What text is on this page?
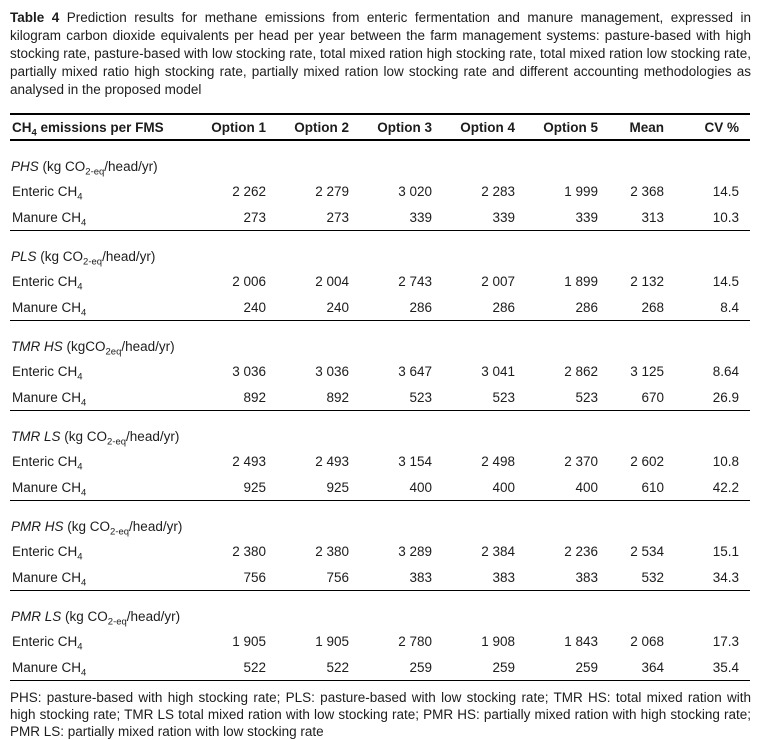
Table 4 Prediction results for methane emissions from enteric fermentation and manure management, expressed in kilogram carbon dioxide equivalents per head per year between the farm management systems: pasture-based with high stocking rate, pasture-based with low stocking rate, total mixed ration high stocking rate, total mixed ration low stocking rate, partially mixed ratio high stocking rate, partially mixed ration low stocking rate and different accounting methodologies as analysed in the proposed model

$CH_4$ emissions per FMS	Option 1	Option 2	Option 3	Option 4	Option 5	Mean	CV %
PHS (kg $CO_{2-eq}/head/yr$)							
Enteric $CH_4$	2 262	2 279	3 020	2 283	1 999	2 368	14.5
Manure $CH_4$	273	273	339	339	339	313	10.3
PLS (kg $CO_{2-eq}/head/yr$)							
Enteric $CH_4$	2 006	2 004	2 743	2 007	1 899	2 132	14.5
Manure $CH_4$	240	240	286	286	286	268	8.4
TMR HS (kgCO$_{2eq}$/head/yr)							
Enteric $CH_4$	3 036	3 036	3 647	3 041	2 862	3 125	8.64
Manure $CH_4$	892	892	523	523	523	670	26.9
TMR LS (kg $CO_{2-eq}/head/yr$)							
Enteric $CH_4$	2 493	2 493	3 154	2 498	2 370	2 602	10.8
Manure $CH_4$	925	925	400	400	400	610	42.2
PMR HS (kg $CO_{2-eq}/head/yr$)							
Enteric $CH_4$	2 380	2 380	3 289	2 384	2 236	2 534	15.1
Manure $CH_4$	756	756	383	383	383	532	34.3
PMR LS (kg $CO_{2-eq}/head/yr$)							
Enteric $CH_4$	1 905	1 905	2 780	1 908	1 843	2 068	17.3
Manure $CH_4$	522	522	259	259	259	364	35.4

PHS: pasture-based with high stocking rate; PLS: pasture-based with low stocking rate; TMR HS: total mixed ration with high stocking rate; TMR LS total mixed ration with low stocking rate; PMR HS: partially mixed ration with high stocking rate; PMR LS: partially mixed ration with low stocking rate
